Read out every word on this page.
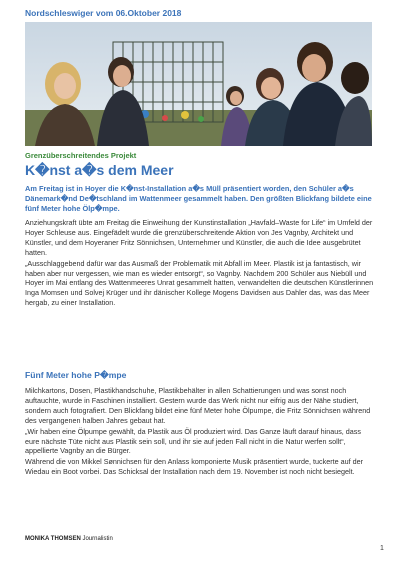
Nordschleswiger vom 06.Oktober 2018
Grenzüberschreitendes Projekt
K�nst a�s dem Meer
Am Freitag ist in Hoyer die K�nst-Installation a�s Müll präsentiert worden, den Schüler a�s Dänemark�nd De�tschland im Wattenmeer gesammelt haben. Den größten Blickfang bildete eine fünf Meter hohe Ölp�mpe.

Anziehungskraft übte am Freitag die Einweihung der Kunstinstallation „Havfald–Waste for Life“ im Umfeld der Hoyer Schleuse aus. Eingefädelt wurde die grenzüberschreitende Aktion von Jes Vagnby, Architekt und Künstler, und dem Hoyeraner Fritz Sönnichsen, Unternehmer und Künstler, die auch die Idee ausgebrütet hatten.

„Ausschlaggebend dafür war das Ausmaß der Problematik mit Abfall im Meer. Plastik ist ja fantastisch, wir haben aber nur vergessen, wie man es wieder entsorgt“, so Vagnby. Nachdem 200 Schüler aus Niebüll und Hoyer im Mai entlang des Wattenmeeres Unrat gesammelt hatten, verwandelten die deutschen Künstlerinnen Inga Momsen und Solvej Krüger und ihr dänischer Kollege Mogens Davidsen aus Dahler das, was das Meer hergab, zu einer Installation.

Fünf Meter hohe P�mpe

Milchkartons, Dosen, Plastikhandschuhe, Plastikbehälter in allen Schattierungen und was sonst noch auftauchte, wurde in Faschinen installiert. Gestern wurde das Werk nicht nur eifrig aus der Nähe studiert, sondern auch fotografiert. Den Blickfang bildet eine fünf Meter hohe Ölpumpe, die Fritz Sönnichsen während des vergangenen halben Jahres gebaut hat.

„Wir haben eine Ölpumpe gewählt, da Plastik aus Öl produziert wird. Das Ganze läuft darauf hinaus, dass eure nächste Tüte nicht aus Plastik sein soll, und ihr sie auf jeden Fall nicht in die Natur werfen sollt“, appellierte Vagnby an die Bürger.

Während die von Mikkel Sønnichsen für den Anlass komponierte Musik präsentiert wurde, tuckerte auf der Wiedau ein Boot vorbei. Das Schicksal der Installation nach dem 19. November ist noch nicht besiegelt.

MONIKA THOMSEN Journalistin
1
